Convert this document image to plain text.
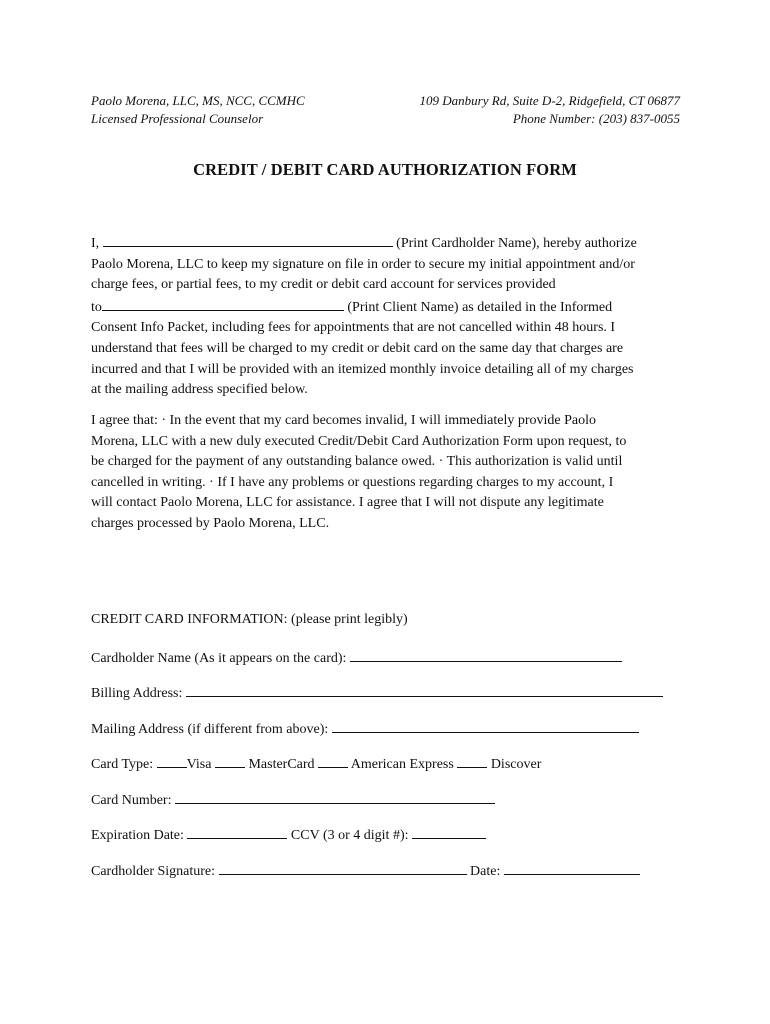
Paolo Morena, LLC, MS, NCC, CCMHC
Licensed Professional Counselor
109 Danbury Rd, Suite D-2, Ridgefield, CT 06877
Phone Number: (203) 837-0055
CREDIT / DEBIT CARD AUTHORIZATION FORM
I,	(Print Cardholder Name), hereby authorize
Paolo Morena, LLC to keep my signature on file in order to secure my initial appointment and/or
charge fees, or partial fees, to my credit or debit card account for services provided
to	(Print Client Name) as detailed in the Informed
Consent Info Packet, including fees for appointments that are not cancelled within 48 hours. I
understand that fees will be charged to my credit or debit card on the same day that charges are
incurred and that I will be provided with an itemized monthly invoice detailing all of my charges
at the mailing address specified below.
I agree that: · In the event that my card becomes invalid, I will immediately provide Paolo
Morena, LLC with a new duly executed Credit/Debit Card Authorization Form upon request, to
be charged for the payment of any outstanding balance owed. · This authorization is valid until
cancelled in writing. · If I have any problems or questions regarding charges to my account, I
will contact Paolo Morena, LLC for assistance. I agree that I will not dispute any legitimate
charges processed by Paolo Morena, LLC.
CREDIT CARD INFORMATION: (please print legibly)
Cardholder Name (As it appears on the card):
Billing Address:
Mailing Address (if different from above):
Card Type: Visa  MasterCard  American Express  Discover
Card Number:
Expiration Date:	CCV (3 or 4 digit #):
Cardholder Signature:	Date:
